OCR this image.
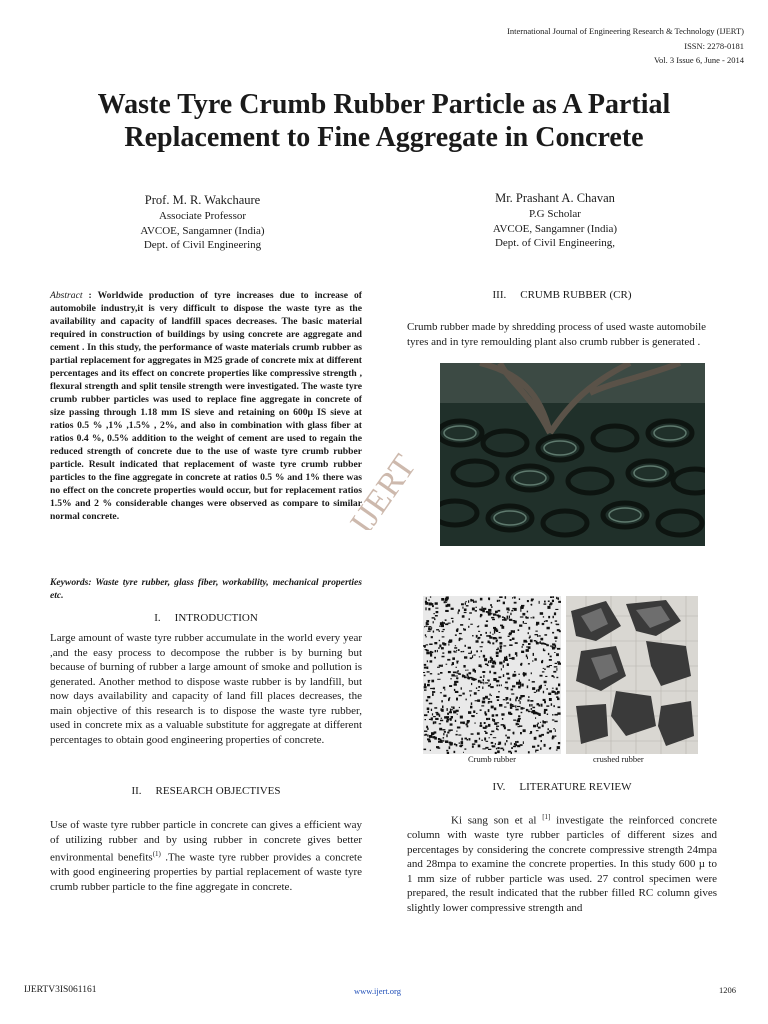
International Journal of Engineering Research & Technology (IJERT)
ISSN: 2278-0181
Vol. 3 Issue 6, June - 2014
Waste Tyre Crumb Rubber Particle as A Partial
Replacement to Fine Aggregate in Concrete
Prof. M. R. Wakchaure
Associate Professor
AVCOE, Sangamner (India)
Dept. of Civil Engineering
Mr. Prashant A. Chavan
P.G Scholar
AVCOE, Sangamner (India)
Dept. of Civil Engineering,
Abstract : Worldwide production of tyre increases due to increase of automobile industry,it is very difficult to dispose the waste tyre as the availability and capacity of landfill spaces decreases. The basic material required in construction of buildings by using concrete are aggregate and cement . In this study, the performance of waste materials crumb rubber as partial replacement for aggregates in M25 grade of concrete mix at different percentages and its effect on concrete properties like compressive strength , flexural strength and split tensile strength were investigated. The waste tyre crumb rubber particles was used to replace fine aggregate in concrete of size passing through 1.18 mm IS sieve and retaining on 600µ IS sieve at ratios 0.5 % ,1% ,1.5% , 2%, and also in combination with glass fiber at ratios 0.4 %, 0.5% addition to the weight of cement are used to regain the reduced strength of concrete due to the use of waste tyre crumb rubber particle. Result indicated that replacement of waste tyre crumb rubber particles to the fine aggregate in concrete at ratios 0.5 % and 1% there was no effect on the concrete properties would occur, but for replacement ratios 1.5% and 2 % considerable changes were observed as compare to similar normal concrete.
Keywords: Waste tyre rubber, glass fiber, workability, mechanical properties etc.
I. INTRODUCTION
Large amount of waste tyre rubber accumulate in the world every year ,and the easy process to decompose the rubber is by burning but because of burning of rubber a large amount of smoke and pollution is generated. Another method to dispose waste rubber is by landfill, but now days availability and capacity of land fill places decreases, the main objective of this research is to dispose the waste tyre rubber, used in concrete mix as a valuable substitute for aggregate at different percentages to obtain good engineering properties of concrete.
II. RESEARCH OBJECTIVES
Use of waste tyre rubber particle in concrete can gives a efficient way of utilizing rubber and by using rubber in concrete gives better environmental benefits$^{(1)}$ .The waste tyre rubber provides a concrete with good engineering properties by partial replacement of waste tyre crumb rubber particle to the fine aggregate in concrete.
III. CRUMB RUBBER (CR)
Crumb rubber made by shredding process of used waste automobile tyres and in tyre remoulding plant also crumb rubber is generated .
IJERT
Crumb rubber	crushed rubber
IV. LITERATURE REVIEW
Ki sang son et al [1] investigate the reinforced concrete column with waste tyre rubber particles of different sizes and percentages by considering the concrete compressive strength 24mpa and 28mpa to examine the concrete properties. In this study 600 µ to 1 mm size of rubber particle was used. 27 control specimen were prepared, the result indicated that the rubber filled RC column gives slightly lower compressive strength and
IJERTV3IS061161	www.ijert.org	1206
